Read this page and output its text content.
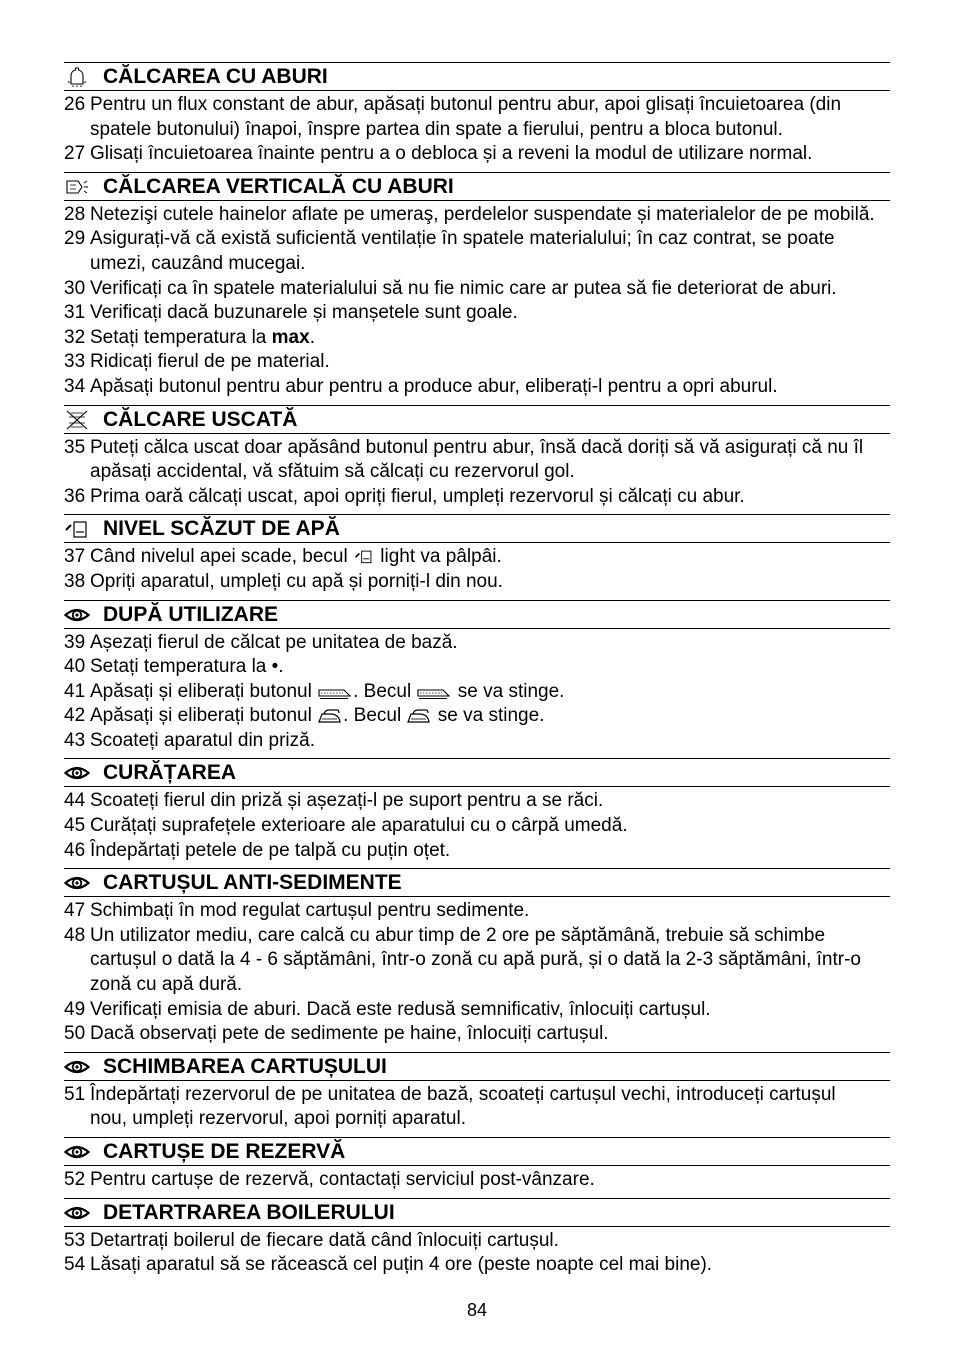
CĂLCAREA CU ABURI
26 Pentru un flux constant de abur, apăsați butonul pentru abur, apoi glisați încuietoarea (din
spatele butonului) înapoi, înspre partea din spate a fierului, pentru a bloca butonul.
27 Glisați încuietoarea înainte pentru a o debloca și a reveni la modul de utilizare normal.
CĂLCAREA VERTICALĂ CU ABURI
28 Netezişi cutele hainelor aflate pe umeraş, perdelelor suspendate și materialelor de pe mobilă.
29 Asigurați-vă că există suficientă ventilație în spatele materialului; în caz contrat, se poate
umezi, cauzând mucegai.
30 Verificați ca în spatele materialului să nu fie nimic care ar putea să fie deteriorat de aburi.
31 Verificați dacă buzunarele și manșetele sunt goale.
32 Setați temperatura la max.
33 Ridicați fierul de pe material.
34 Apăsați butonul pentru abur pentru a produce abur, eliberați-l pentru a opri aburul.
CĂLCARE USCATĂ
35 Puteți călca uscat doar apăsând butonul pentru abur, însă dacă doriți să vă asigurați că nu îl
apăsați accidental, vă sfătuim să călcați cu rezervorul gol.
36 Prima oară călcați uscat, apoi opriți fierul, umpleți rezervorul și călcați cu abur.
NIVEL SCĂZUT DE APĂ
37 Când nivelul apei scade, becul
light va pâlpâi.
38 Opriți aparatul, umpleți cu apă și porniți-l din nou.
DUPĂ UTILIZARE
39 Așezați fierul de călcat pe unitatea de bază.
40 Setați temperatura la •.
41 Apăsați și eliberați butonul
. Becul
se va stinge.
42 Apăsați și eliberați butonul
. Becul
se va stinge.
43 Scoateți aparatul din priză.
CURĂȚAREA
44 Scoateți fierul din priză și așezați-l pe suport pentru a se răci.
45 Curățați suprafețele exterioare ale aparatului cu o cârpă umedă.
46 Îndepărtați petele de pe talpă cu puțin oțet.
CARTUȘUL ANTI-SEDIMENTE
47 Schimbați în mod regulat cartușul pentru sedimente.
48 Un utilizator mediu, care calcă cu abur timp de 2 ore pe săptămână, trebuie să schimbe
cartușul o dată la 4 - 6 săptămâni, într-o zonă cu apă pură, și o dată la 2-3 săptămâni, într-o
zonă cu apă dură.
49 Verificați emisia de aburi. Dacă este redusă semnificativ, înlocuiți cartușul.
50 Dacă observați pete de sedimente pe haine, înlocuiți cartușul.
SCHIMBAREA CARTUȘULUI
51 Îndepărtați rezervorul de pe unitatea de bază, scoateți cartușul vechi, introduceți cartușul
nou, umpleți rezervorul, apoi porniți aparatul.
CARTUȘE DE REZERVĂ
52 Pentru cartușe de rezervă, contactați serviciul post-vânzare.
DETARTRAREA BOILERULUI
53 Detartrați boilerul de fiecare dată când înlocuiți cartușul.
54 Lăsați aparatul să se răcească cel puțin 4 ore (peste noapte cel mai bine).
84
